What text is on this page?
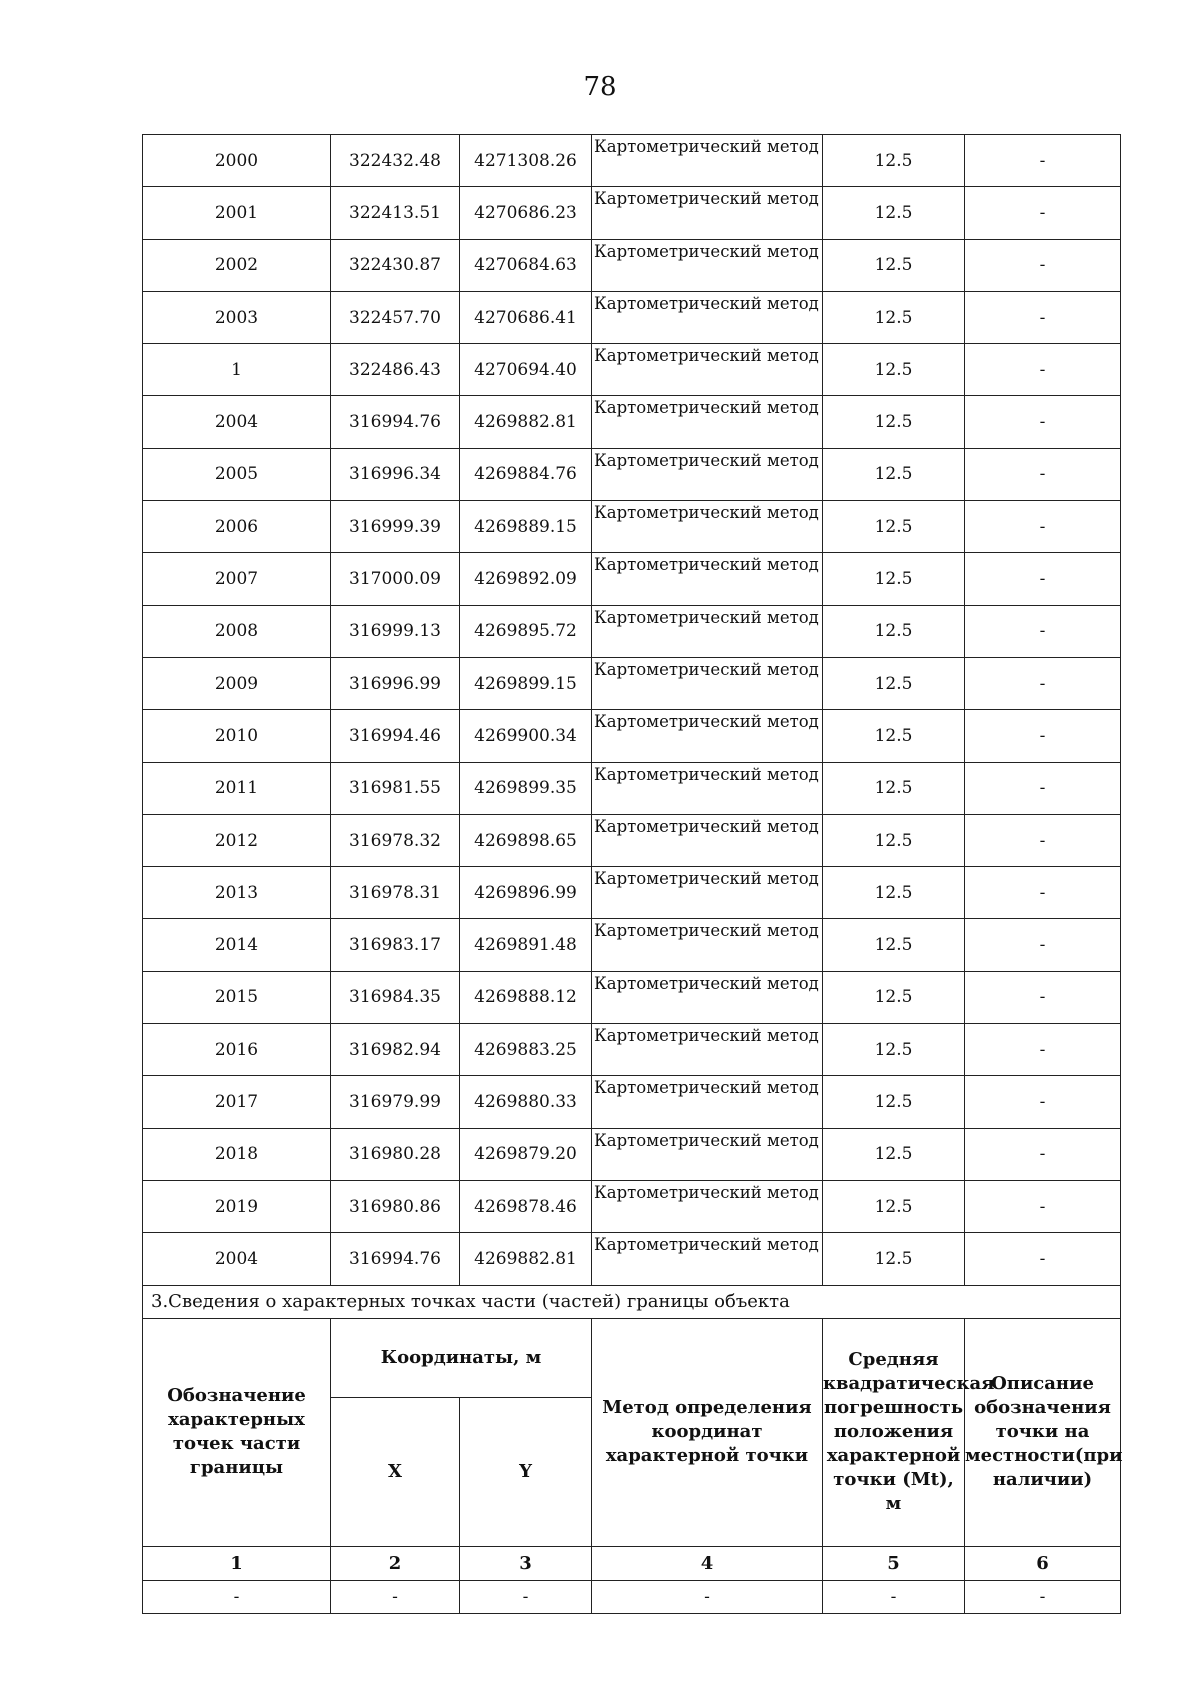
78
2000	322432.48	4271308.26	Картометрический метод	12.5	-
2001	322413.51	4270686.23	Картометрический метод	12.5	-
2002	322430.87	4270684.63	Картометрический метод	12.5	-
2003	322457.70	4270686.41	Картометрический метод	12.5	-
1	322486.43	4270694.40	Картометрический метод	12.5	-
2004	316994.76	4269882.81	Картометрический метод	12.5	-
2005	316996.34	4269884.76	Картометрический метод	12.5	-
2006	316999.39	4269889.15	Картометрический метод	12.5	-
2007	317000.09	4269892.09	Картометрический метод	12.5	-
2008	316999.13	4269895.72	Картометрический метод	12.5	-
2009	316996.99	4269899.15	Картометрический метод	12.5	-
2010	316994.46	4269900.34	Картометрический метод	12.5	-
2011	316981.55	4269899.35	Картометрический метод	12.5	-
2012	316978.32	4269898.65	Картометрический метод	12.5	-
2013	316978.31	4269896.99	Картометрический метод	12.5	-
2014	316983.17	4269891.48	Картометрический метод	12.5	-
2015	316984.35	4269888.12	Картометрический метод	12.5	-
2016	316982.94	4269883.25	Картометрический метод	12.5	-
2017	316979.99	4269880.33	Картометрический метод	12.5	-
2018	316980.28	4269879.20	Картометрический метод	12.5	-
2019	316980.86	4269878.46	Картометрический метод	12.5	-
2004	316994.76	4269882.81	Картометрический метод	12.5	-
3.Сведения о характерных точках части (частей) границы объекта					
Обозначение характерных точек части границы	Координаты, м		Метод определения координат характерной точки	Средняя квадратическая погрешность положения характерной точки (Mt), м	Описание обозначения точки на местности(при наличии)
	X	Y			
1	2	3	4	5	6
-	-	-	-	-	-
